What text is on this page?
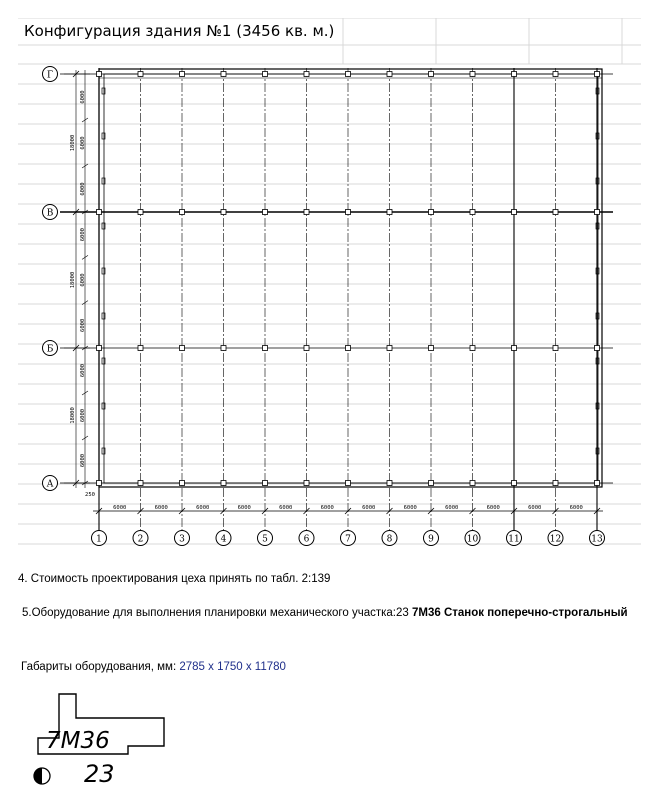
Конфигурация здания №1 (3456 кв. м.)
А
Б
В
Г
1	2	3	4	5	6	7	8	9	10	11	12	13
6000	6000	6000	6000	6000	6000	6000	6000	6000	6000	6000	6000
250
18000
6000
6000
6000
18000
6000
6000
6000
18000
6000
6000
6000
4. Стоимость проектирования цеха принять по табл. 2:139
5.Оборудование для выполнения планировки механического участка:23 7М36 Станок поперечно-строгальный
Габариты оборудования, мм: 2785 х 1750 х 11780
7М36
23
